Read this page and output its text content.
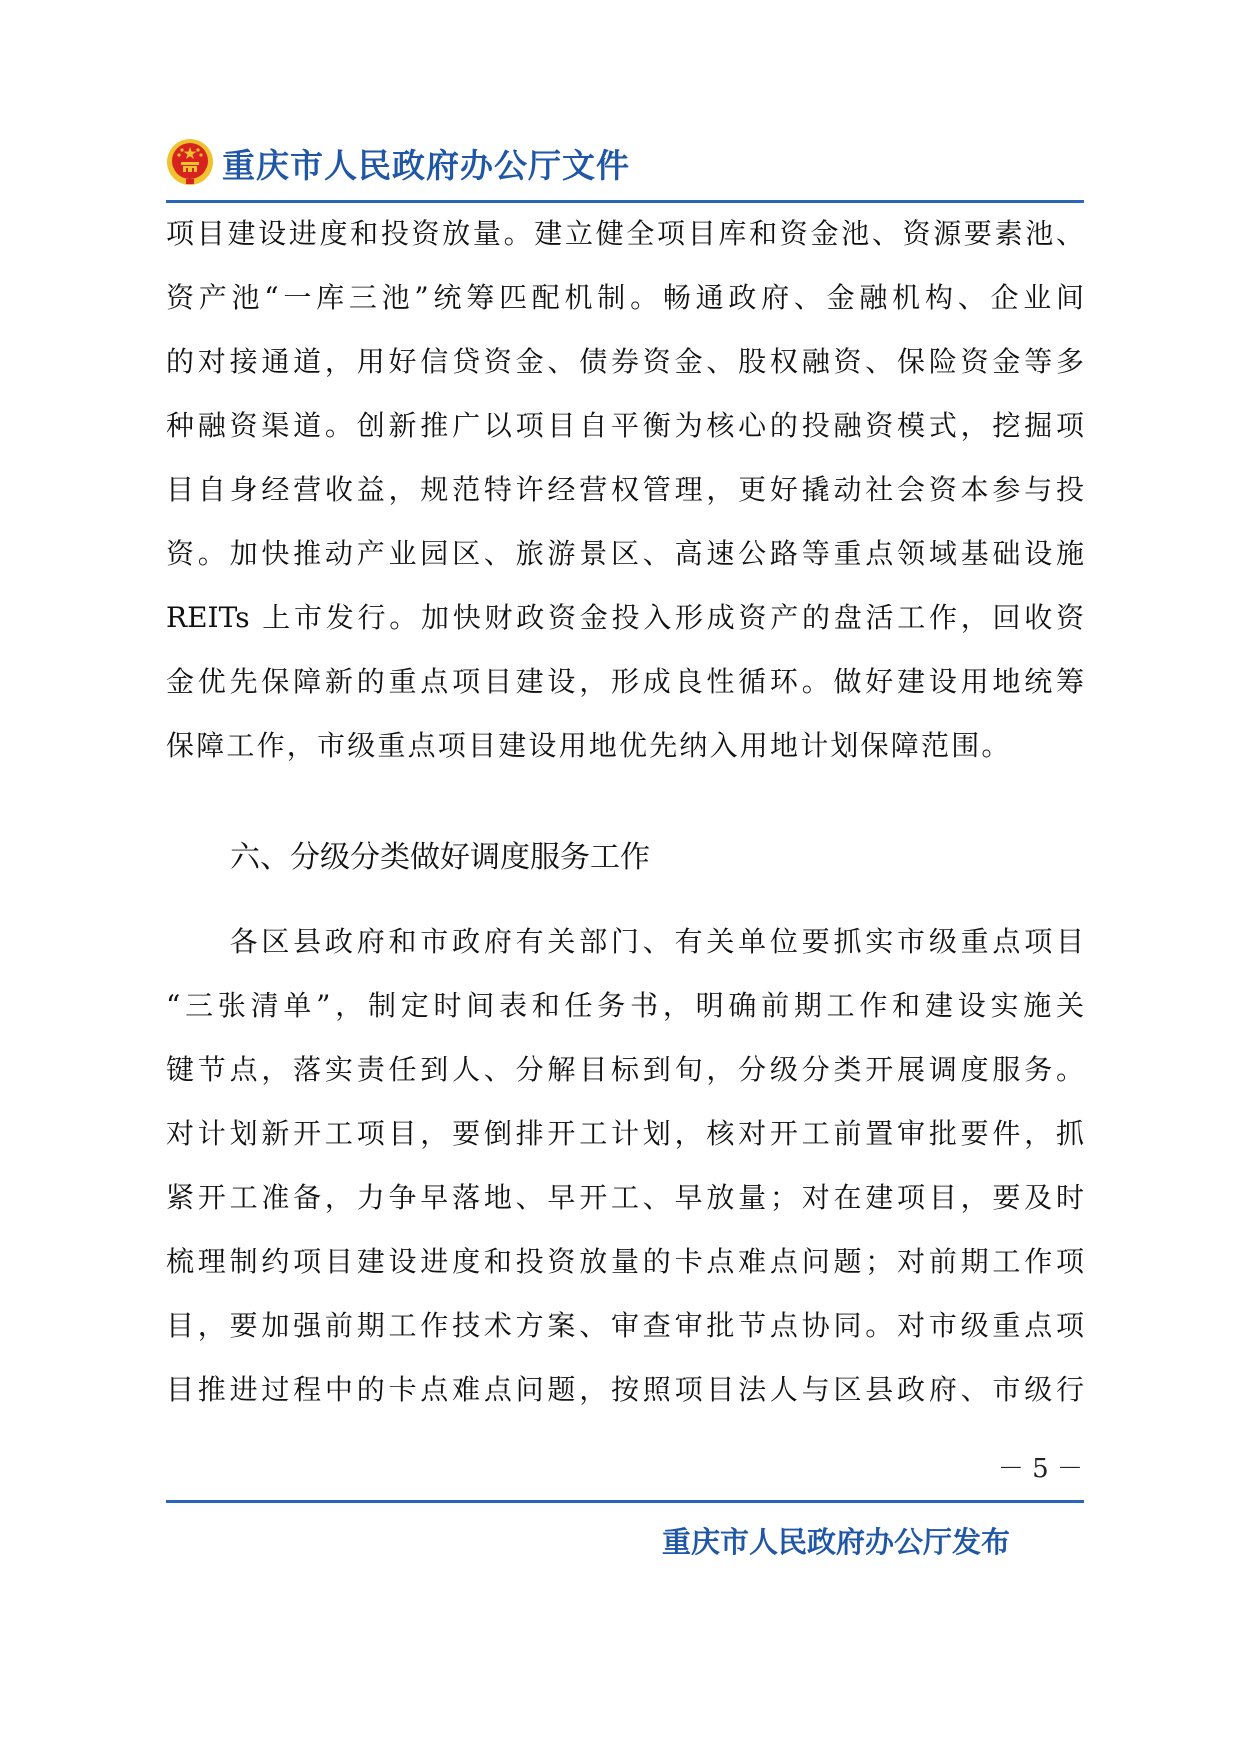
重庆市人民政府办公厅文件
项目建设进度和投资放量。建立健全项目库和资金池、资源要素池、
资产池“一库三池”统筹匹配机制。畅通政府、金融机构、企业间
的对接通道，用好信贷资金、债券资金、股权融资、保险资金等多
种融资渠道。创新推广以项目自平衡为核心的投融资模式，挖掘项
目自身经营收益，规范特许经营权管理，更好撬动社会资本参与投
资。加快推动产业园区、旅游景区、高速公路等重点领域基础设施
REITs 上市发行。加快财政资金投入形成资产的盘活工作，回收资
金优先保障新的重点项目建设，形成良性循环。做好建设用地统筹
保障工作，市级重点项目建设用地优先纳入用地计划保障范围。
六、分级分类做好调度服务工作
　　各区县政府和市政府有关部门、有关单位要抓实市级重点项目
“三张清单”，制定时间表和任务书，明确前期工作和建设实施关
键节点，落实责任到人、分解目标到旬，分级分类开展调度服务。
对计划新开工项目，要倒排开工计划，核对开工前置审批要件，抓
紧开工准备，力争早落地、早开工、早放量；对在建项目，要及时
梳理制约项目建设进度和投资放量的卡点难点问题；对前期工作项
目，要加强前期工作技术方案、审查审批节点协同。对市级重点项
目推进过程中的卡点难点问题，按照项目法人与区县政府、市级行
－ 5 －
重庆市人民政府办公厅发布
